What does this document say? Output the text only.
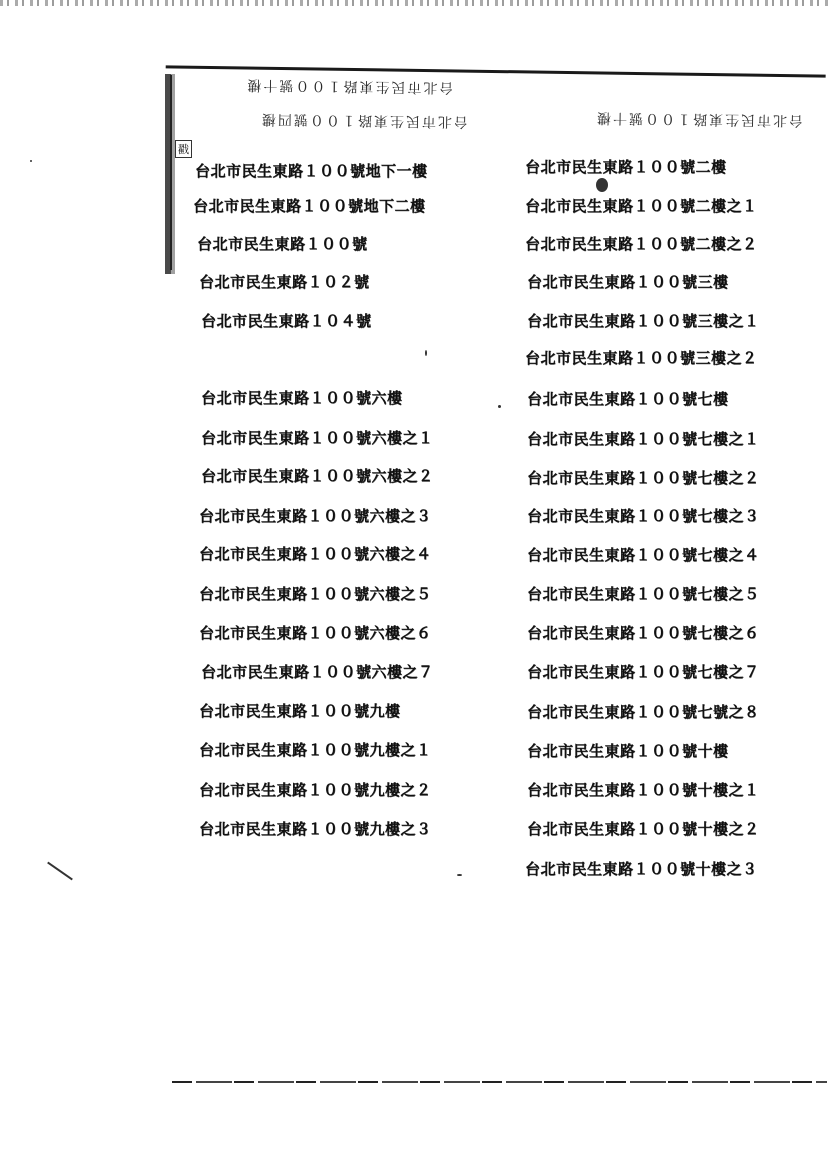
台北市民生東路１００號十樓
台北市民生東路１００號四樓	台北市民生東路１００號十樓
戳
台北市民生東路１００號地下一樓
台北市民生東路１００號地下二樓
台北市民生東路１００號
台北市民生東路１０２號
台北市民生東路１０４號
台北市民生東路１００號六樓
台北市民生東路１００號六樓之１
台北市民生東路１００號六樓之２
台北市民生東路１００號六樓之３
台北市民生東路１００號六樓之４
台北市民生東路１００號六樓之５
台北市民生東路１００號六樓之６
台北市民生東路１００號六樓之７
台北市民生東路１００號九樓
台北市民生東路１００號九樓之１
台北市民生東路１００號九樓之２
台北市民生東路１００號九樓之３
台北市民生東路１００號二樓
台北市民生東路１００號二樓之１
台北市民生東路１００號二樓之２
台北市民生東路１００號三樓
台北市民生東路１００號三樓之１
台北市民生東路１００號三樓之２
台北市民生東路１００號七樓
台北市民生東路１００號七樓之１
台北市民生東路１００號七樓之２
台北市民生東路１００號七樓之３
台北市民生東路１００號七樓之４
台北市民生東路１００號七樓之５
台北市民生東路１００號七樓之６
台北市民生東路１００號七樓之７
台北市民生東路１００號七號之８
台北市民生東路１００號十樓
台北市民生東路１００號十樓之１
台北市民生東路１００號十樓之２
台北市民生東路１００號十樓之３
